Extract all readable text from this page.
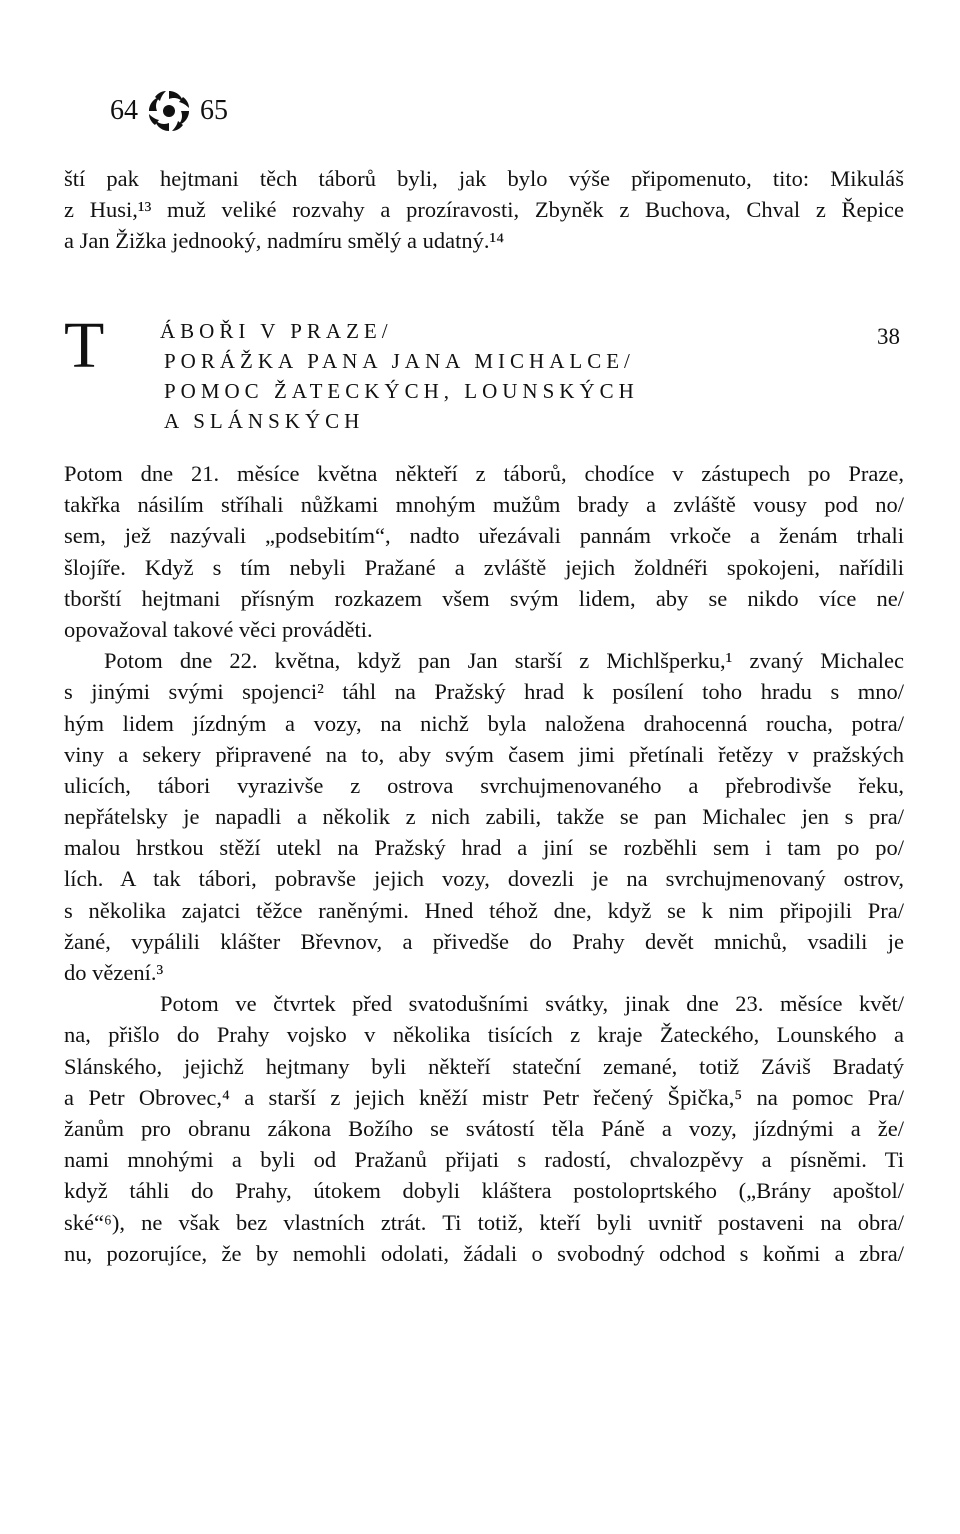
64 65
ští pak hejtmani těch táborů byli, jak bylo výše připomenuto, tito: Mikuláš
z Husi,¹³ muž veliké rozvahy a prozíravosti, Zbyněk z Buchova, Chval z Řepice
a Jan Žižka jednooký, nadmíru smělý a udatný.¹⁴
T	ÁBOŘI V PRAZE/
PORÁŽKA PANA JANA MICHALCE/
POMOC ŽATECKÝCH, LOUNSKÝCH
A SLÁNSKÝCH
38
Potom dne 21. měsíce května někteří z táborů, chodíce v zástupech po Praze,
takřka násilím stříhali nůžkami mnohým mužům brady a zvláště vousy pod no/
sem, jež nazývali „podsebitím“, nadto uřezávali pannám vrkoče a ženám trhali
šlojíře. Když s tím nebyli Pražané a zvláště jejich žoldnéři spokojeni, nařídili
tborští hejtmani přísným rozkazem všem svým lidem, aby se nikdo více ne/
opovažoval takové věci prováděti.
Potom dne 22. května, když pan Jan starší z Michlšperku,¹ zvaný Michalec
s jinými svými spojenci² táhl na Pražský hrad k posílení toho hradu s mno/
hým lidem jízdným a vozy, na nichž byla naložena drahocenná roucha, potra/
viny a sekery připravené na to, aby svým časem jimi přetínali řetězy v pražských
ulicích, tábori vyrazivše z ostrova svrchujmenovaného a přebrodivše řeku,
nepřátelsky je napadli a několik z nich zabili, takže se pan Michalec jen s pra/
malou hrstkou stěží utekl na Pražský hrad a jiní se rozběhli sem i tam po po/
lích. A tak tábori, pobravše jejich vozy, dovezli je na svrchujmenovaný ostrov,
s několika zajatci těžce raněnými. Hned téhož dne, když se k nim připojili Pra/
žané, vypálili klášter Břevnov, a přivedše do Prahy devět mnichů, vsadili je
do vězení.³
Potom ve čtvrtek před svatodušními svátky, jinak dne 23. měsíce květ/
na, přišlo do Prahy vojsko v několika tisících z kraje Žateckého, Lounského a
Slánského, jejichž hejtmany byli někteří stateční zemané, totiž Záviš Bradatý
a Petr Obrovec,⁴ a starší z jejich kněží mistr Petr řečený Špička,⁵ na pomoc Pra/
žanům pro obranu zákona Božího se svátostí těla Páně a vozy, jízdnými a že/
nami mnohými a byli od Pražanů přijati s radostí, chvalozpěvy a písněmi. Ti
když táhli do Prahy, útokem dobyli kláštera postoloprtského („Brány apoštol/
ské“⁶), ne však bez vlastních ztrát. Ti totiž, kteří byli uvnitř postaveni na obra/
nu, pozorujíce, že by nemohli odolati, žádali o svobodný odchod s koňmi a zbra/
